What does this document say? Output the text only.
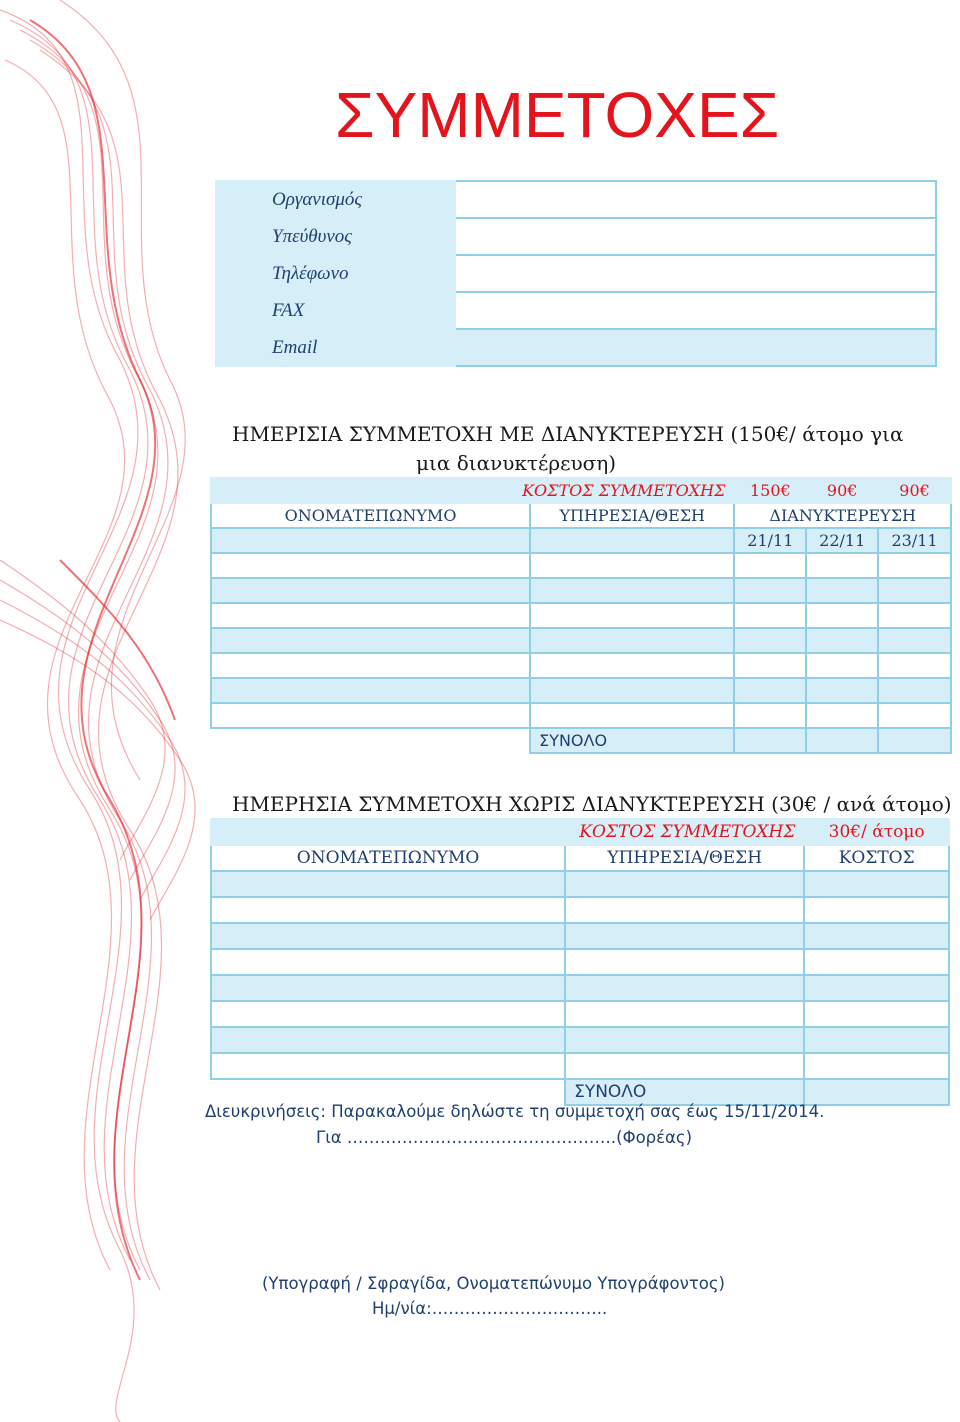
ΣΥΜΜΕΤΟΧΕΣ
Οργανισμός	
Υπεύθυνος	
Τηλέφωνο	
FAX	
Email	
ΗΜΕΡΙΣΙΑ ΣΥΜΜΕΤΟΧΗ ΜΕ ΔΙΑΝΥΚΤΕΡΕΥΣΗ (150€/ άτομο για
μια διανυκτέρευση)
ΚΟΣΤΟΣ ΣΥΜΜΕΤΟΧΗΣ		150€	90€	90€
ΟΝΟΜΑΤΕΠΩΝΥΜΟ	ΥΠΗΡΕΣΙΑ/ΘΕΣΗ	ΔΙΑΝΥΚΤΕΡΕΥΣΗ		
		21/11	22/11	23/11

	ΣΥΝΟΛΟ			
ΗΜΕΡΗΣΙΑ ΣΥΜΜΕΤΟΧΗ ΧΩΡΙΣ ΔΙΑΝΥΚΤΕΡΕΥΣΗ (30€ / ανά άτομο)
ΚΟΣΤΟΣ ΣΥΜΜΕΤΟΧΗΣ		30€/ άτομο
ΟΝΟΜΑΤΕΠΩΝΥΜΟ	ΥΠΗΡΕΣΙΑ/ΘΕΣΗ	ΚΟΣΤΟΣ

	ΣΥΝΟΛΟ	
Διευκρινήσεις: Παρακαλούμε δηλώστε τη συμμετοχή σας έως 15/11/2014.
Για ………………………………………….(Φορέας)
(Υπογραφή / Σφραγίδα, Ονοματεπώνυμο Υπογράφοντος)
Ημ/νία:…………………………..
